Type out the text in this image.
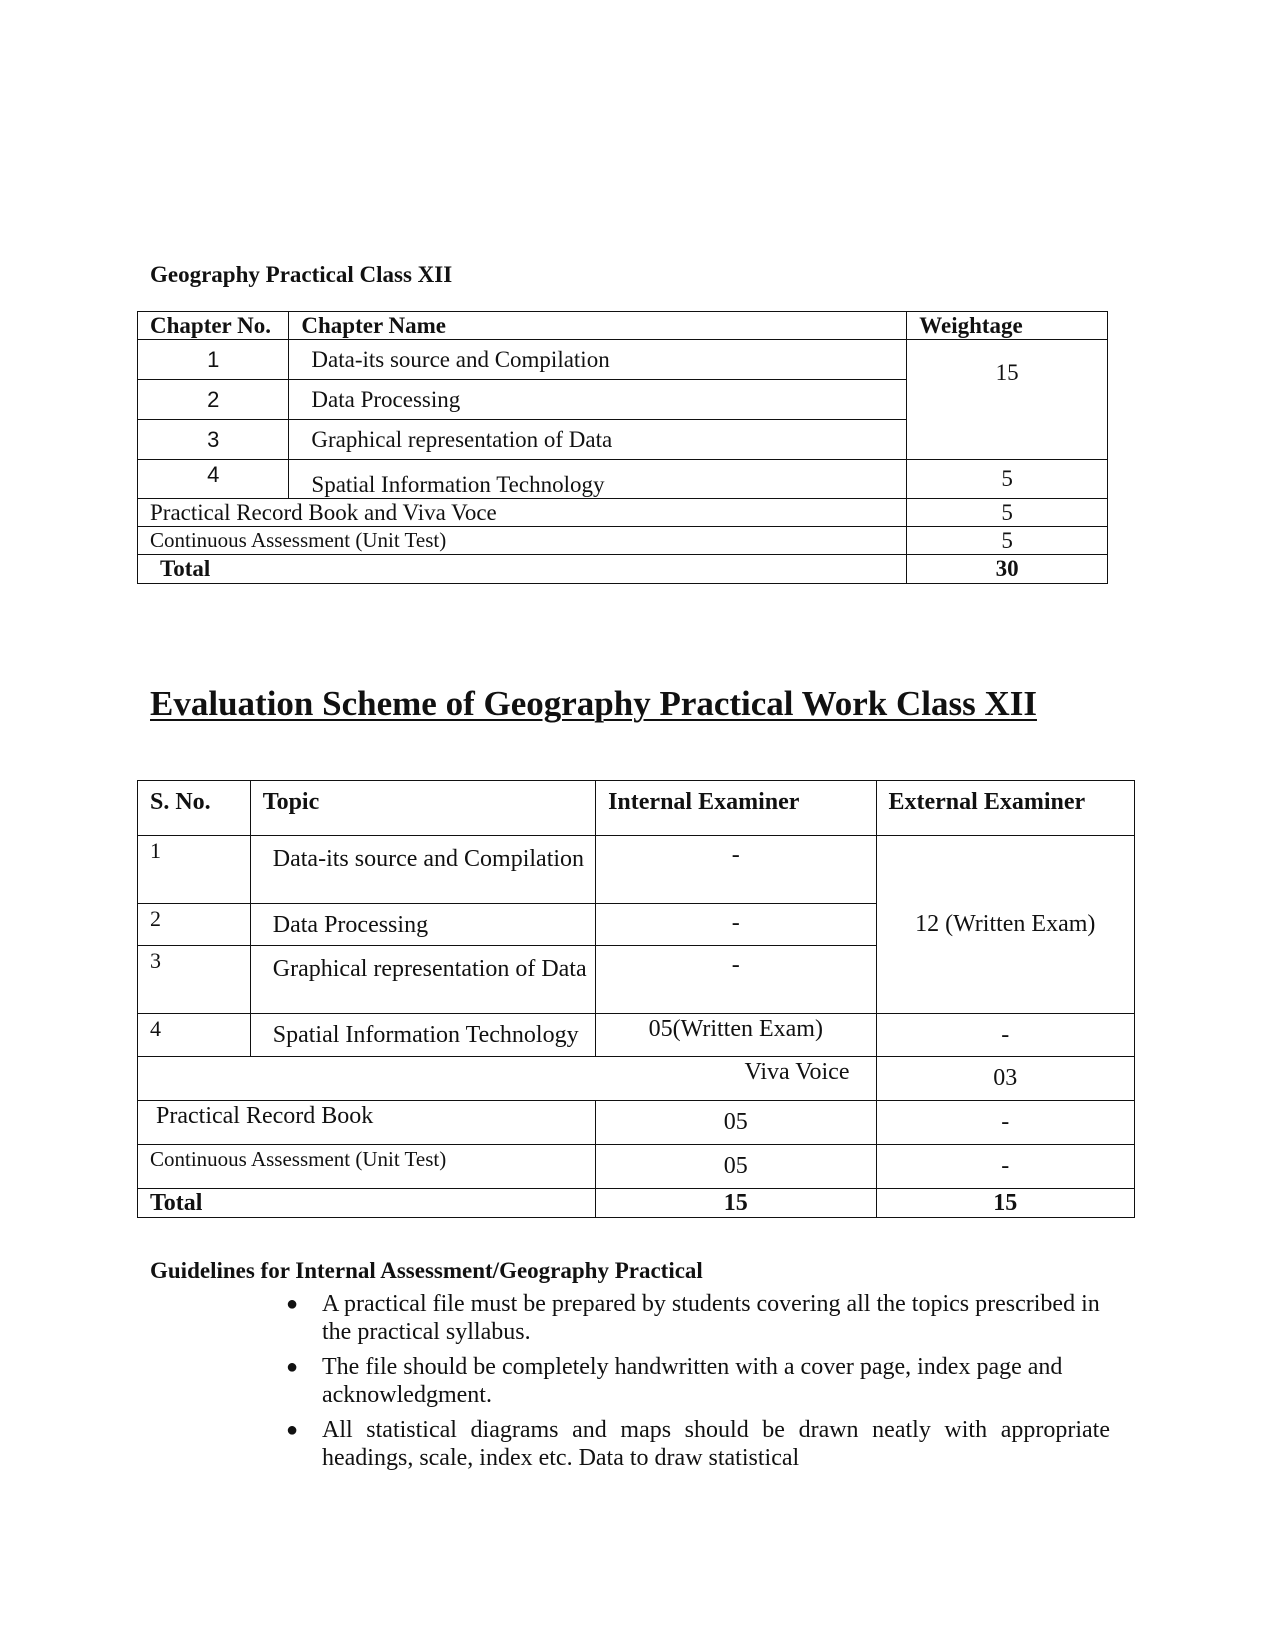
Geography Practical Class XII
Chapter No.	Chapter Name	Weightage
1	Data-its source and Compilation	15
2	Data Processing	
3	Graphical representation of Data	
4	Spatial Information Technology	5
Practical Record Book and Viva Voce		5
Continuous Assessment (Unit Test)		5
Total		30
Evaluation Scheme of Geography Practical Work Class XII
S. No.	Topic	Internal Examiner	External Examiner
1	Data-its source and Compilation	-	12 (Written Exam)
2	Data Processing	-	
3	Graphical representation of Data	-	
4	Spatial Information Technology	05(Written Exam)	-
Viva Voice			03
Practical Record Book		05	-
Continuous Assessment (Unit Test)		05	-
Total		15	15
Guidelines for Internal Assessment/Geography Practical
● A practical file must be prepared by students covering all the topics prescribed in the practical syllabus.
● The file should be completely handwritten with a cover page, index page and acknowledgment.
● All statistical diagrams and maps should be drawn neatly with appropriate headings, scale, index etc. Data to draw statistical
